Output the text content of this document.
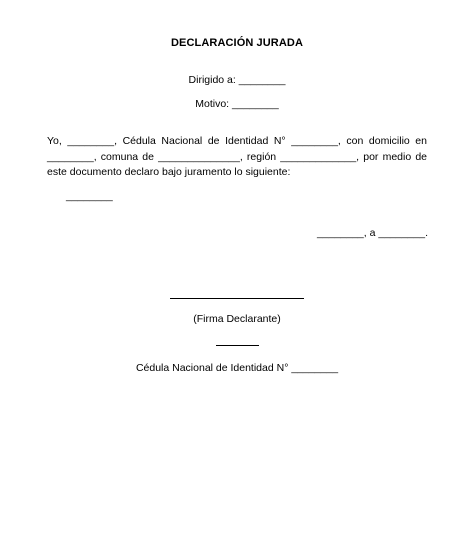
DECLARACIÓN JURADA
Dirigido a: ________
Motivo: ________
Yo, ________, Cédula Nacional de Identidad N° ________, con domicilio en
________, comuna de ______________, región _____________, por medio de
este documento declaro bajo juramento lo siguiente:
________
________, a ________.
(Firma Declarante)
Cédula Nacional de Identidad N° ________
